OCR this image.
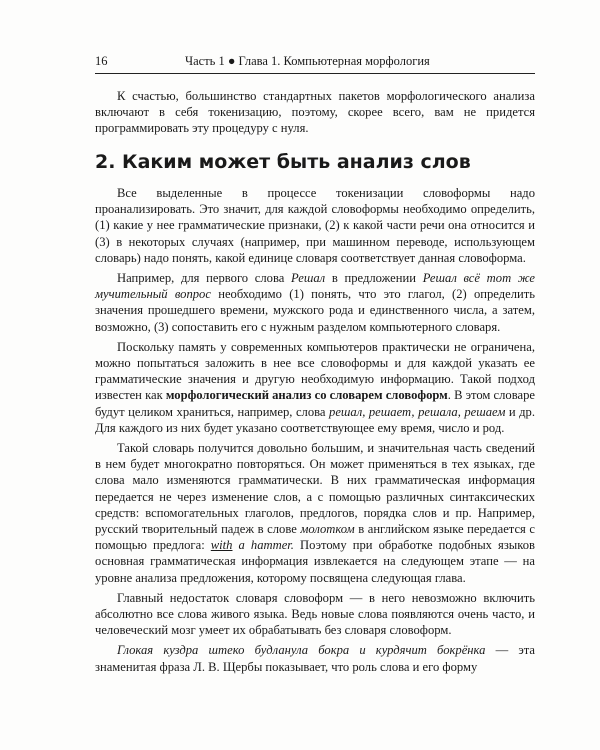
16	Часть 1 ● Глава 1. Компьютерная морфология

К счастью, большинство стандартных пакетов морфологического анализа включают в себя токенизацию, поэтому, скорее всего, вам не придется программировать эту процедуру с нуля.

2. Каким может быть анализ слов

Все выделенные в процессе токенизации словоформы надо проанализировать. Это значит, для каждой словоформы необходимо определить, (1) какие у нее грамматические признаки, (2) к какой части речи она относится и (3) в некоторых случаях (например, при машинном переводе, использующем словарь) надо понять, какой единице словаря соответствует данная словоформа.

Например, для первого слова Решал в предложении Решал всё тот же мучительный вопрос необходимо (1) понять, что это глагол, (2) определить значения прошедшего времени, мужского рода и единственного числа, а затем, возможно, (3) сопоставить его с нужным разделом компьютерного словаря.

Поскольку память у современных компьютеров практически не ограничена, можно попытаться заложить в нее все словоформы и для каждой указать ее грамматические значения и другую необходимую информацию. Такой подход известен как морфологический анализ со словарем словоформ. В этом словаре будут целиком храниться, например, слова решал, решает, решала, решаем и др. Для каждого из них будет указано соответствующее ему время, число и род.

Такой словарь получится довольно большим, и значительная часть сведений в нем будет многократно повторяться. Он может применяться в тех языках, где слова мало изменяются грамматически. В них грамматическая информация передается не через изменение слов, а с помощью различных синтаксических средств: вспомогательных глаголов, предлогов, порядка слов и пр. Например, русский творительный падеж в слове молотком в английском языке передается с помощью предлога: with a hammer. Поэтому при обработке подобных языков основная грамматическая информация извлекается на следующем этапе — на уровне анализа предложения, которому посвящена следующая глава.

Главный недостаток словаря словоформ — в него невозможно включить абсолютно все слова живого языка. Ведь новые слова появляются очень часто, и человеческий мозг умеет их обрабатывать без словаря словоформ.

Глокая куздра штеко будланула бокра и курдячит бокрёнка — эта знаменитая фраза Л. В. Щербы показывает, что роль слова и его форму
